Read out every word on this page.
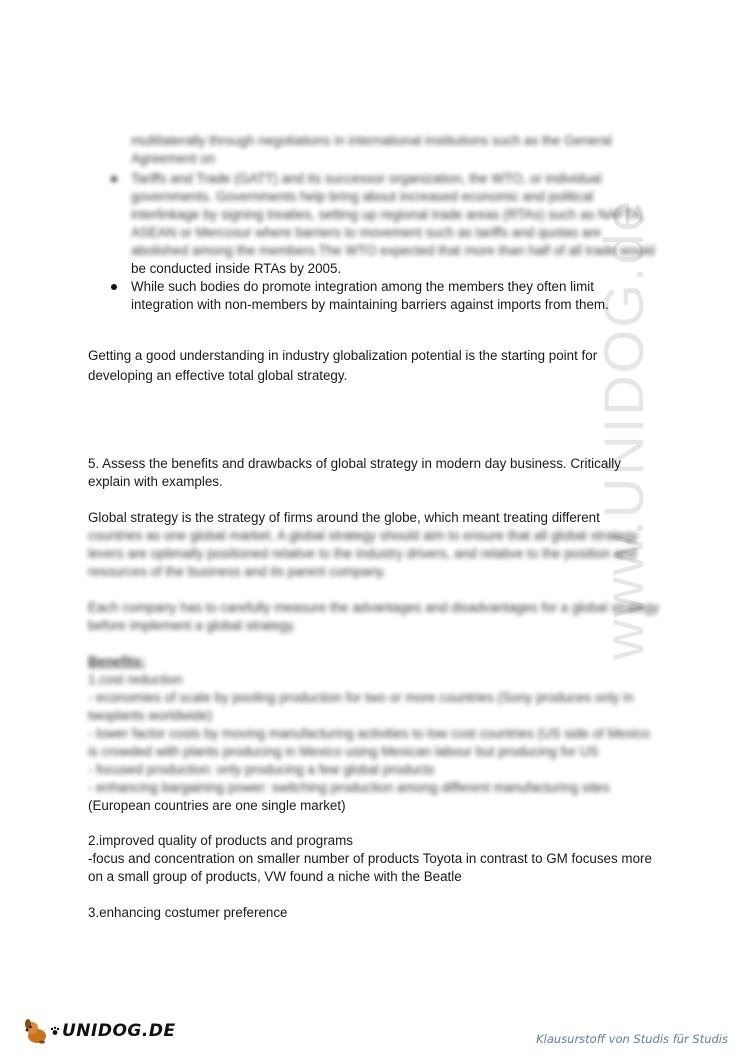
www.UNIDOG.de
multilaterally through negotiations in international institutions such as the General
Agreement on
Tariffs and Trade (GATT) and its successor organization, the WTO, or individual
governments. Governments help bring about increased economic and political
interlinkage by signing treaties, setting up regional trade areas (RTAs) such as NAFTA,
ASEAN or Mercosur where barriers to movement such as tariffs and quotas are
abolished among the members.The WTO expected that more than half of all trade would
be conducted inside RTAs by 2005.
While such bodies do promote integration among the members they often limit
integration with non-members by maintaining barriers against imports from them.
Getting a good understanding in industry globalization potential is the starting point for
developing an effective total global strategy.
5. Assess the benefits and drawbacks of global strategy in modern day business. Critically
explain with examples.
Global strategy is the strategy of firms around the globe, which meant treating different
countries as one global market. A global strategy should aim to ensure that all global strategy
levers are optimally positioned relative to the industry drivers, and relative to the position and
resources of the business and its parent company.
Each company has to carefully measure the advantages and disadvantages for a global strategy
before implement a global strategy.
Benefits:
1.cost reduction
- economies of scale by pooling production for two or more countries (Sony produces only in
twoplants worldwide)
- lower factor costs by moving manufacturing activities to low cost countries (US side of Mexico
is crowded with plants producing in Mexico using Mexican labour but producing for US
- focused production: only producing a few global products
- enhancing bargaining power: switching production among different manufacturing sites
(European countries are one single market)
2.improved quality of products and programs
-focus and concentration on smaller number of products Toyota in contrast to GM focuses more
on a small group of products, VW found a niche with the Beatle
3.enhancing costumer preference
UNIDOG.DE	Klausurstoff von Studis für Studis
